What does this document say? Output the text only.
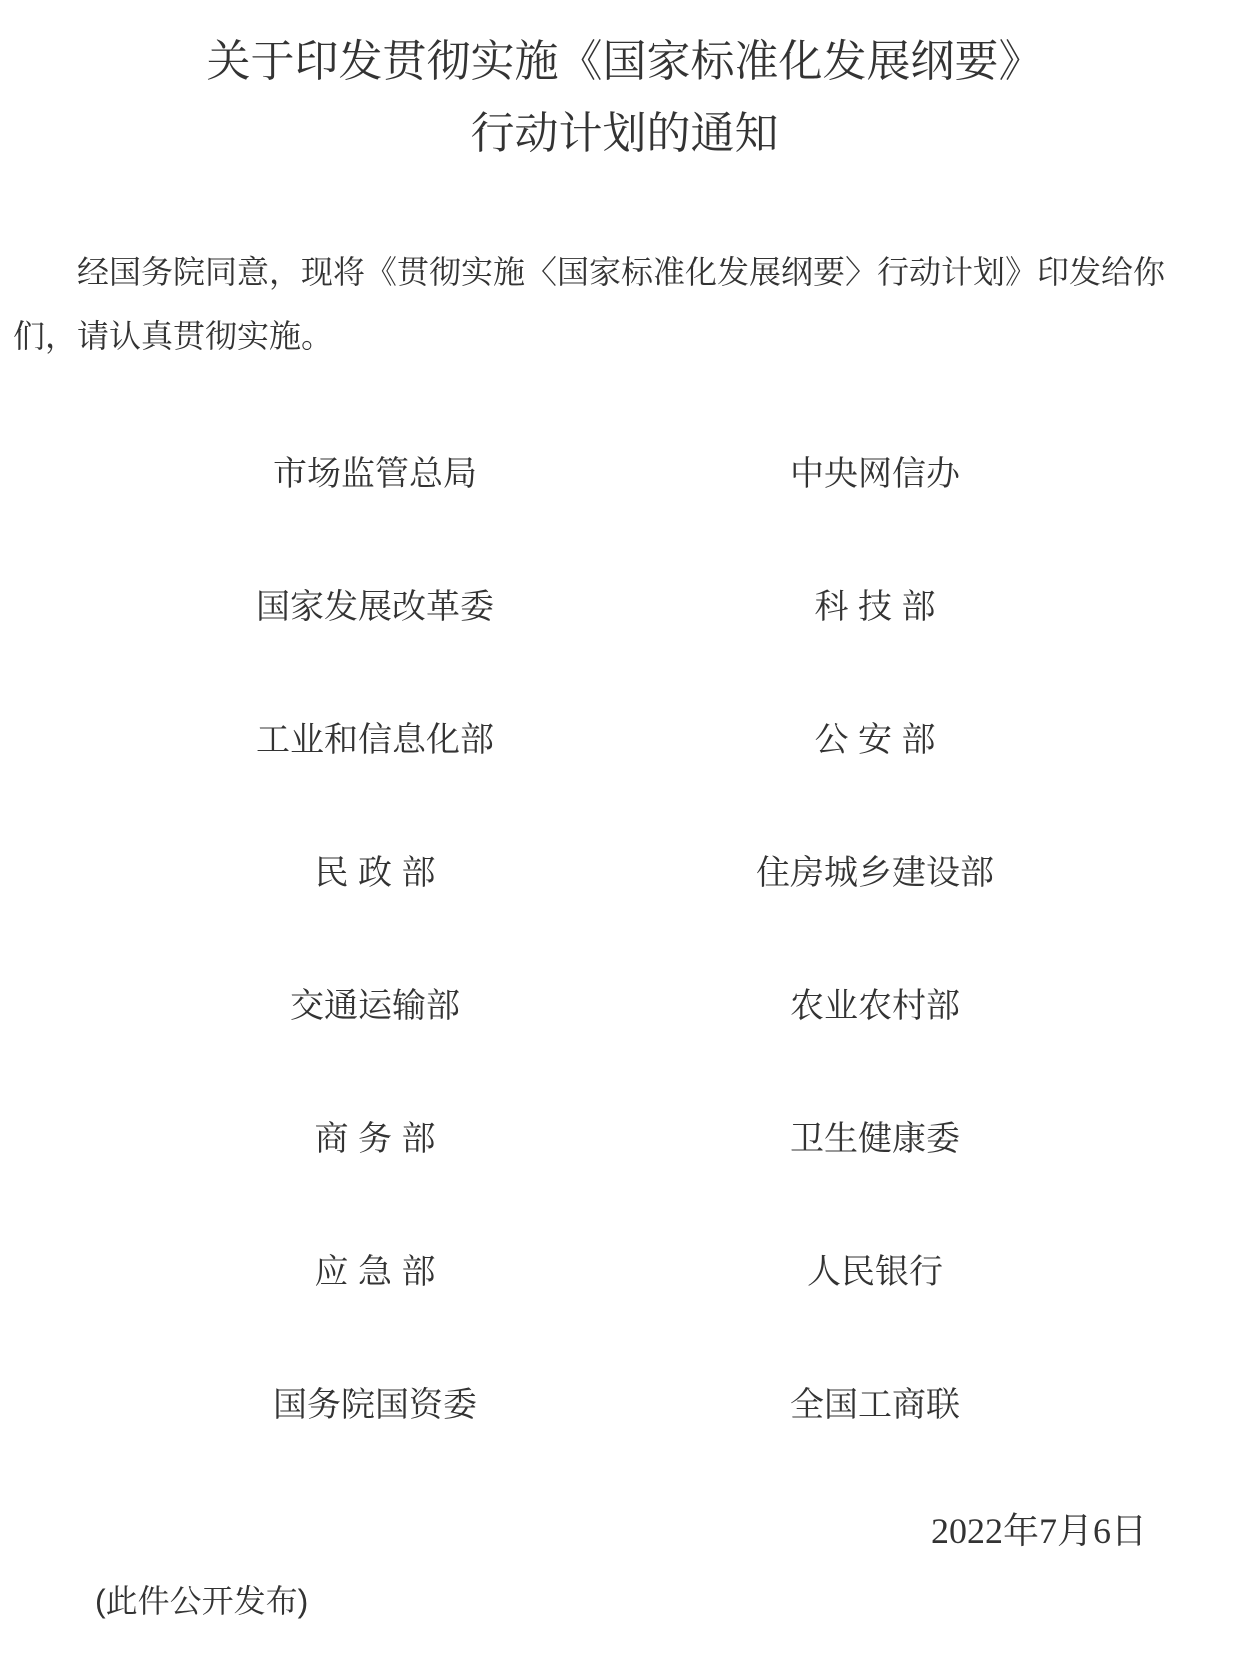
关于印发贯彻实施《国家标准化发展纲要》
行动计划的通知

经国务院同意，现将《贯彻实施〈国家标准化发展纲要〉行动计划》印发给你们，请认真贯彻实施。

市场监管总局	中央网信办
国家发展改革委	科 技 部
工业和信息化部	公 安 部
民 政 部	住房城乡建设部
交通运输部	农业农村部
商 务 部	卫生健康委
应 急 部	人民银行
国务院国资委	全国工商联
2022年7月6日
(此件公开发布)
